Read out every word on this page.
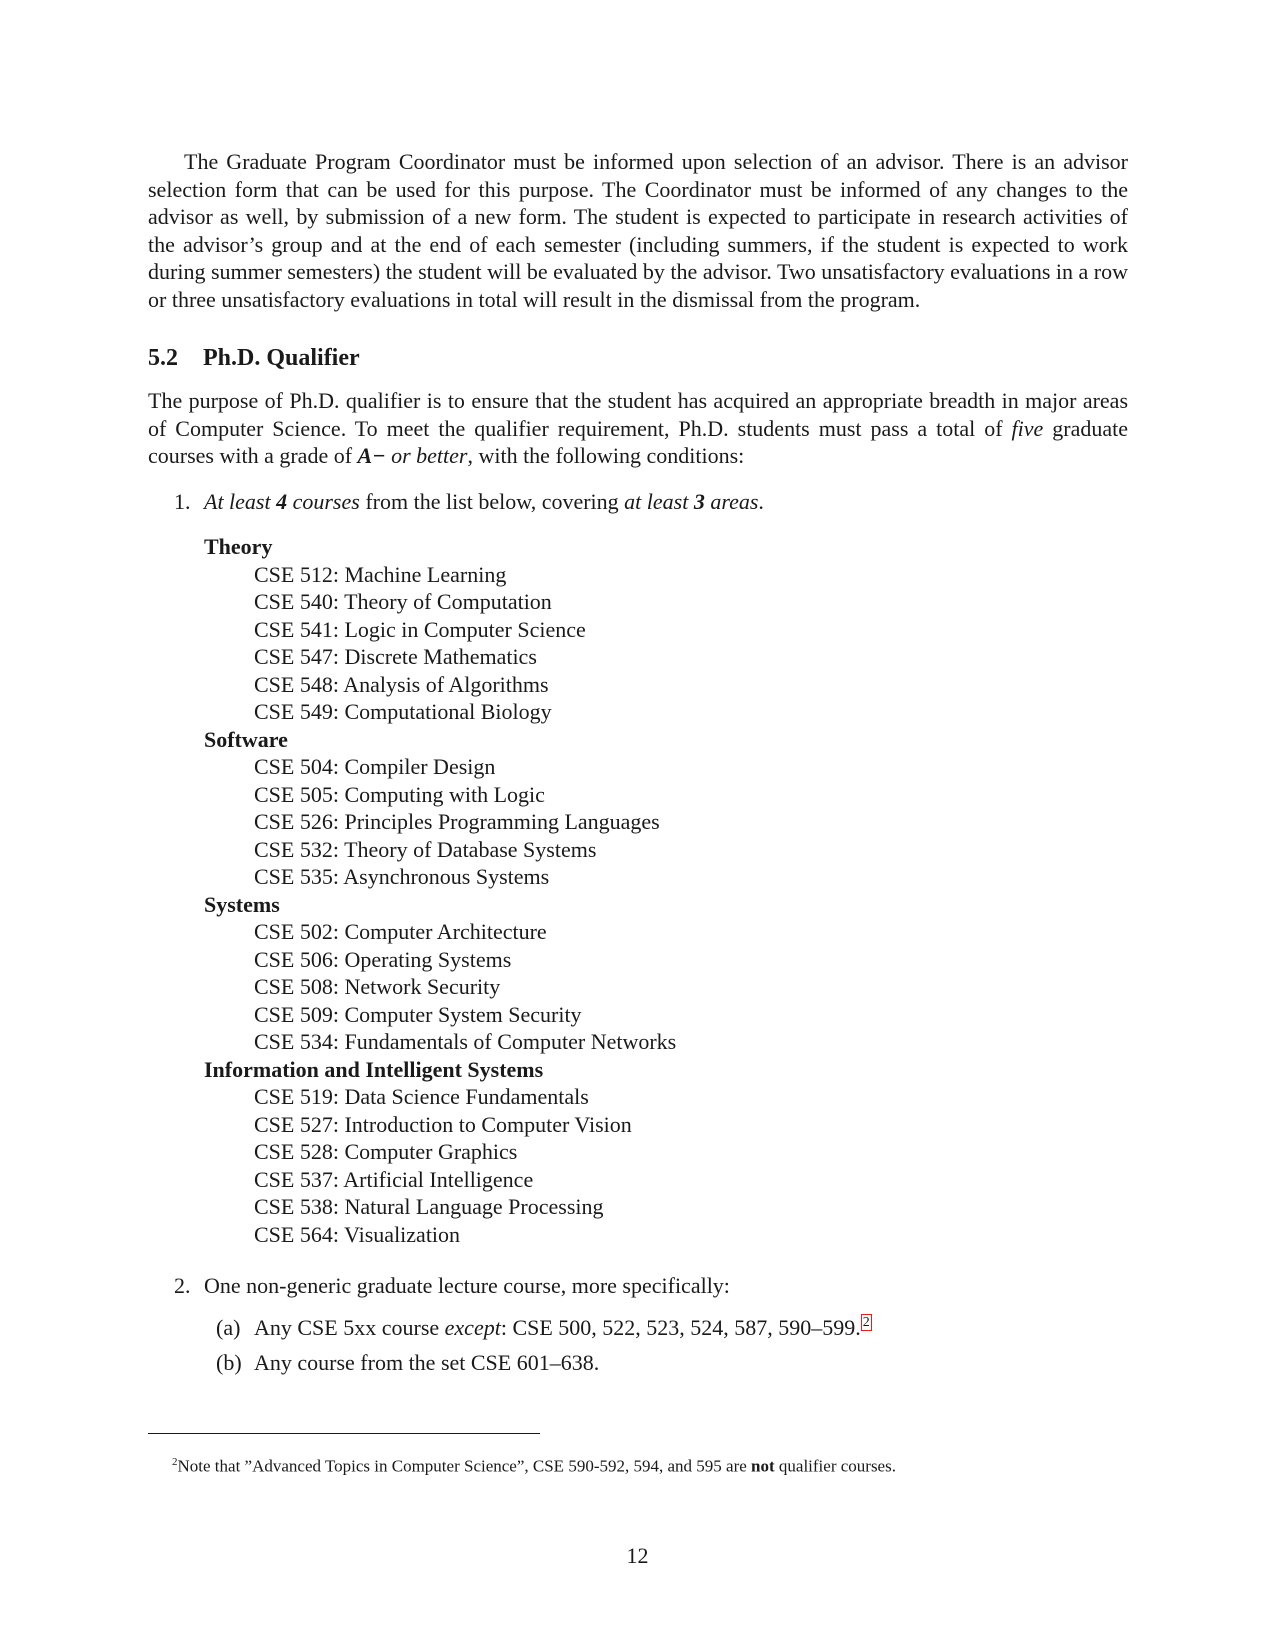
The Graduate Program Coordinator must be informed upon selection of an advisor. There is an advisor selection form that can be used for this purpose. The Coordinator must be informed of any changes to the advisor as well, by submission of a new form. The student is expected to participate in research activities of the advisor’s group and at the end of each semester (including summers, if the student is expected to work during summer semesters) the student will be evaluated by the advisor. Two unsatisfactory evaluations in a row or three unsatisfactory evaluations in total will result in the dismissal from the program.

5.2 Ph.D. Qualifier

The purpose of Ph.D. qualifier is to ensure that the student has acquired an appropriate breadth in major areas of Computer Science. To meet the qualifier requirement, Ph.D. students must pass a total of five graduate courses with a grade of A− or better, with the following conditions:

1. At least 4 courses from the list below, covering at least 3 areas.
Theory
CSE 512: Machine Learning
CSE 540: Theory of Computation
CSE 541: Logic in Computer Science
CSE 547: Discrete Mathematics
CSE 548: Analysis of Algorithms
CSE 549: Computational Biology
Software
CSE 504: Compiler Design
CSE 505: Computing with Logic
CSE 526: Principles Programming Languages
CSE 532: Theory of Database Systems
CSE 535: Asynchronous Systems
Systems
CSE 502: Computer Architecture
CSE 506: Operating Systems
CSE 508: Network Security
CSE 509: Computer System Security
CSE 534: Fundamentals of Computer Networks
Information and Intelligent Systems
CSE 519: Data Science Fundamentals
CSE 527: Introduction to Computer Vision
CSE 528: Computer Graphics
CSE 537: Artificial Intelligence
CSE 538: Natural Language Processing
CSE 564: Visualization
2. One non-generic graduate lecture course, more specifically:
(a) Any CSE 5xx course except: CSE 500, 522, 523, 524, 587, 590–599. $^2$
(b) Any course from the set CSE 601–638.
$^2$Note that ”Advanced Topics in Computer Science”, CSE 590-592, 594, and 595 are not qualifier courses.
12
